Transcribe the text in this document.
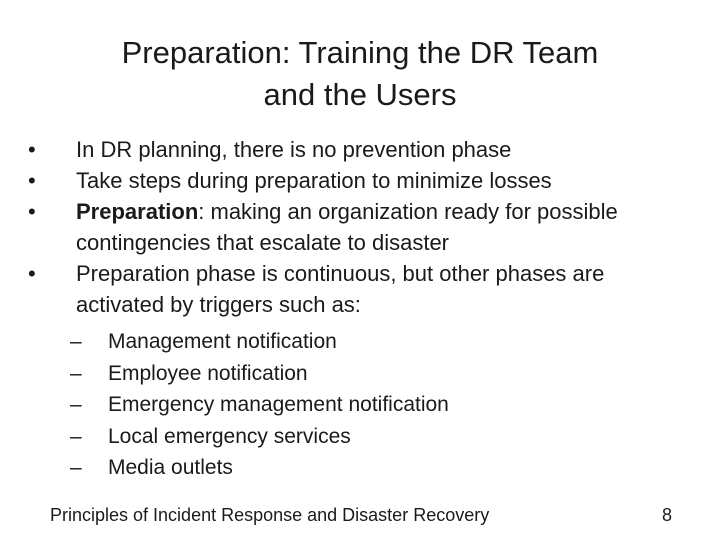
Preparation: Training the DR Team
and the Users
•	In DR planning, there is no prevention phase
•	Take steps during preparation to minimize losses
•	Preparation: making an organization ready for possible contingencies that escalate to disaster
•	Preparation phase is continuous, but other phases are activated by triggers such as:
– Management notification
– Employee notification
– Emergency management notification
– Local emergency services
– Media outlets
Principles of Incident Response and Disaster Recovery	8
